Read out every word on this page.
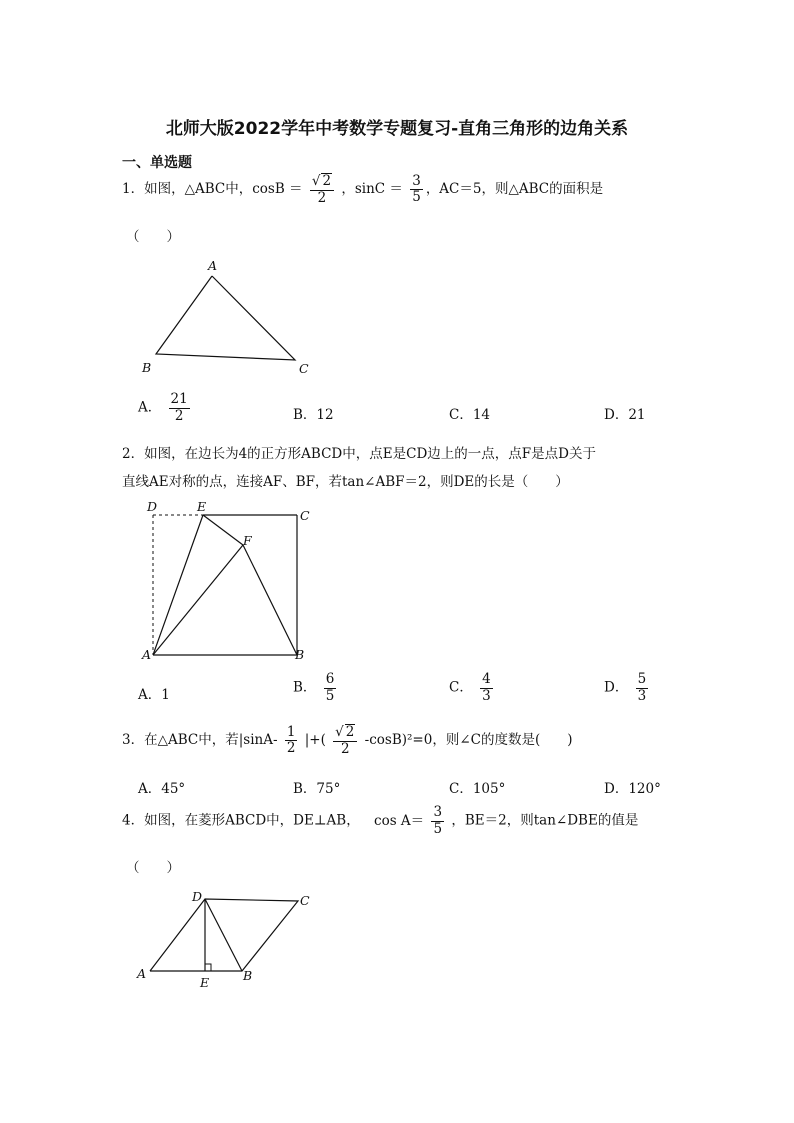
北师大版2022学年中考数学专题复习-直角三角形的边角关系
一、单选题
1．如图，△ABC中，$\cos B = \frac{√ 2}{2}$ ，$\sin C = \frac{3}{5}$ ，AC＝5，则△ABC的面积是
（　　）
A
B	C
A． $\frac{21}{2}$	B．12	C．14	D．21
2．如图，在边长为4的正方形ABCD中，点E是CD边上的一点，点F是点D关于
直线AE对称的点，连接AF、BF，若tan∠ABF＝2，则DE的长是（　　）
D	E
C
F
A	B
A．1	B． $\frac{6}{5}$	C． $\frac{4}{3}$	D． $\frac{5}{3}$
3．在△ABC中，若$|\sin A- \frac{1}{2}$ |+( $\frac{√ 2}{2} -\cos B)^2=0$，则∠C的度数是(　　)
A．45°	B．75°	C．105°	D．120°
4．如图，在菱形ABCD中，DE⊥AB， $\cos A= \frac{3}{5}$ ，BE＝2，则tan∠DBE的值是
（　　）
D	C
A
E	B
